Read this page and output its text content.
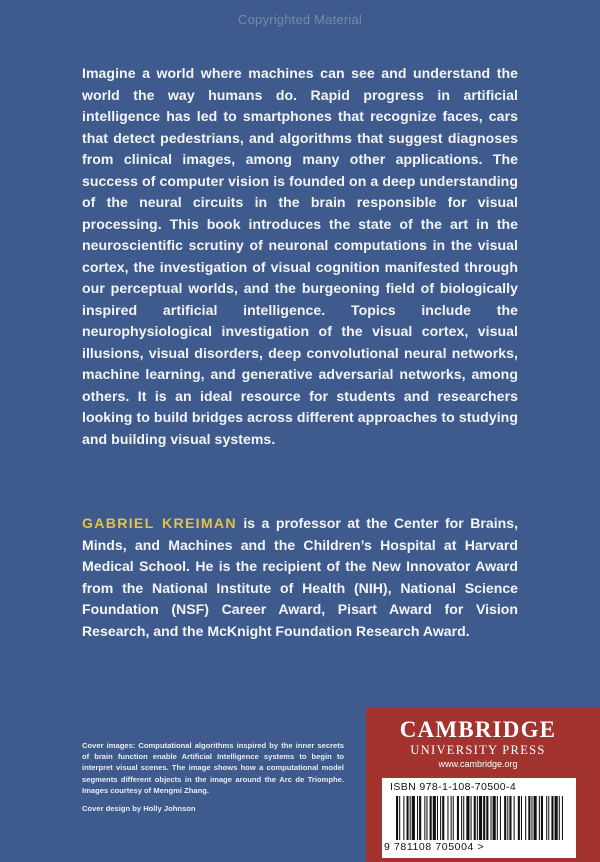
Copyrighted Material

Imagine a world where machines can see and understand the world the way humans do. Rapid progress in artificial intelligence has led to smartphones that recognize faces, cars that detect pedestrians, and algorithms that suggest diagnoses from clinical images, among many other applications. The success of computer vision is founded on a deep understanding of the neural circuits in the brain responsible for visual processing. This book introduces the state of the art in the neuroscientific scrutiny of neuronal computations in the visual cortex, the investigation of visual cognition manifested through our perceptual worlds, and the burgeoning field of biologically inspired artificial intelligence. Topics include the neurophysiological investigation of the visual cortex, visual illusions, visual disorders, deep convolutional neural networks, machine learning, and generative adversarial networks, among others. It is an ideal resource for students and researchers looking to build bridges across different approaches to studying and building visual systems.

GABRIEL KREIMAN is a professor at the Center for Brains, Minds, and Machines and the Children’s Hospital at Harvard Medical School. He is the recipient of the New Innovator Award from the National Institute of Health (NIH), National Science Foundation (NSF) Career Award, Pisart Award for Vision Research, and the McKnight Foundation Research Award.

Cover images: Computational algorithms inspired by the inner secrets of brain function enable Artificial Intelligence systems to begin to interpret visual scenes. The image shows how a computational model segments different objects in the image around the Arc de Triomphe. Images courtesy of Mengmi Zhang.
Cover design by Holly Johnson
CAMBRIDGE
UNIVERSITY PRESS
www.cambridge.org
ISBN 978-1-108-70500-4
9 781108 705004 >
